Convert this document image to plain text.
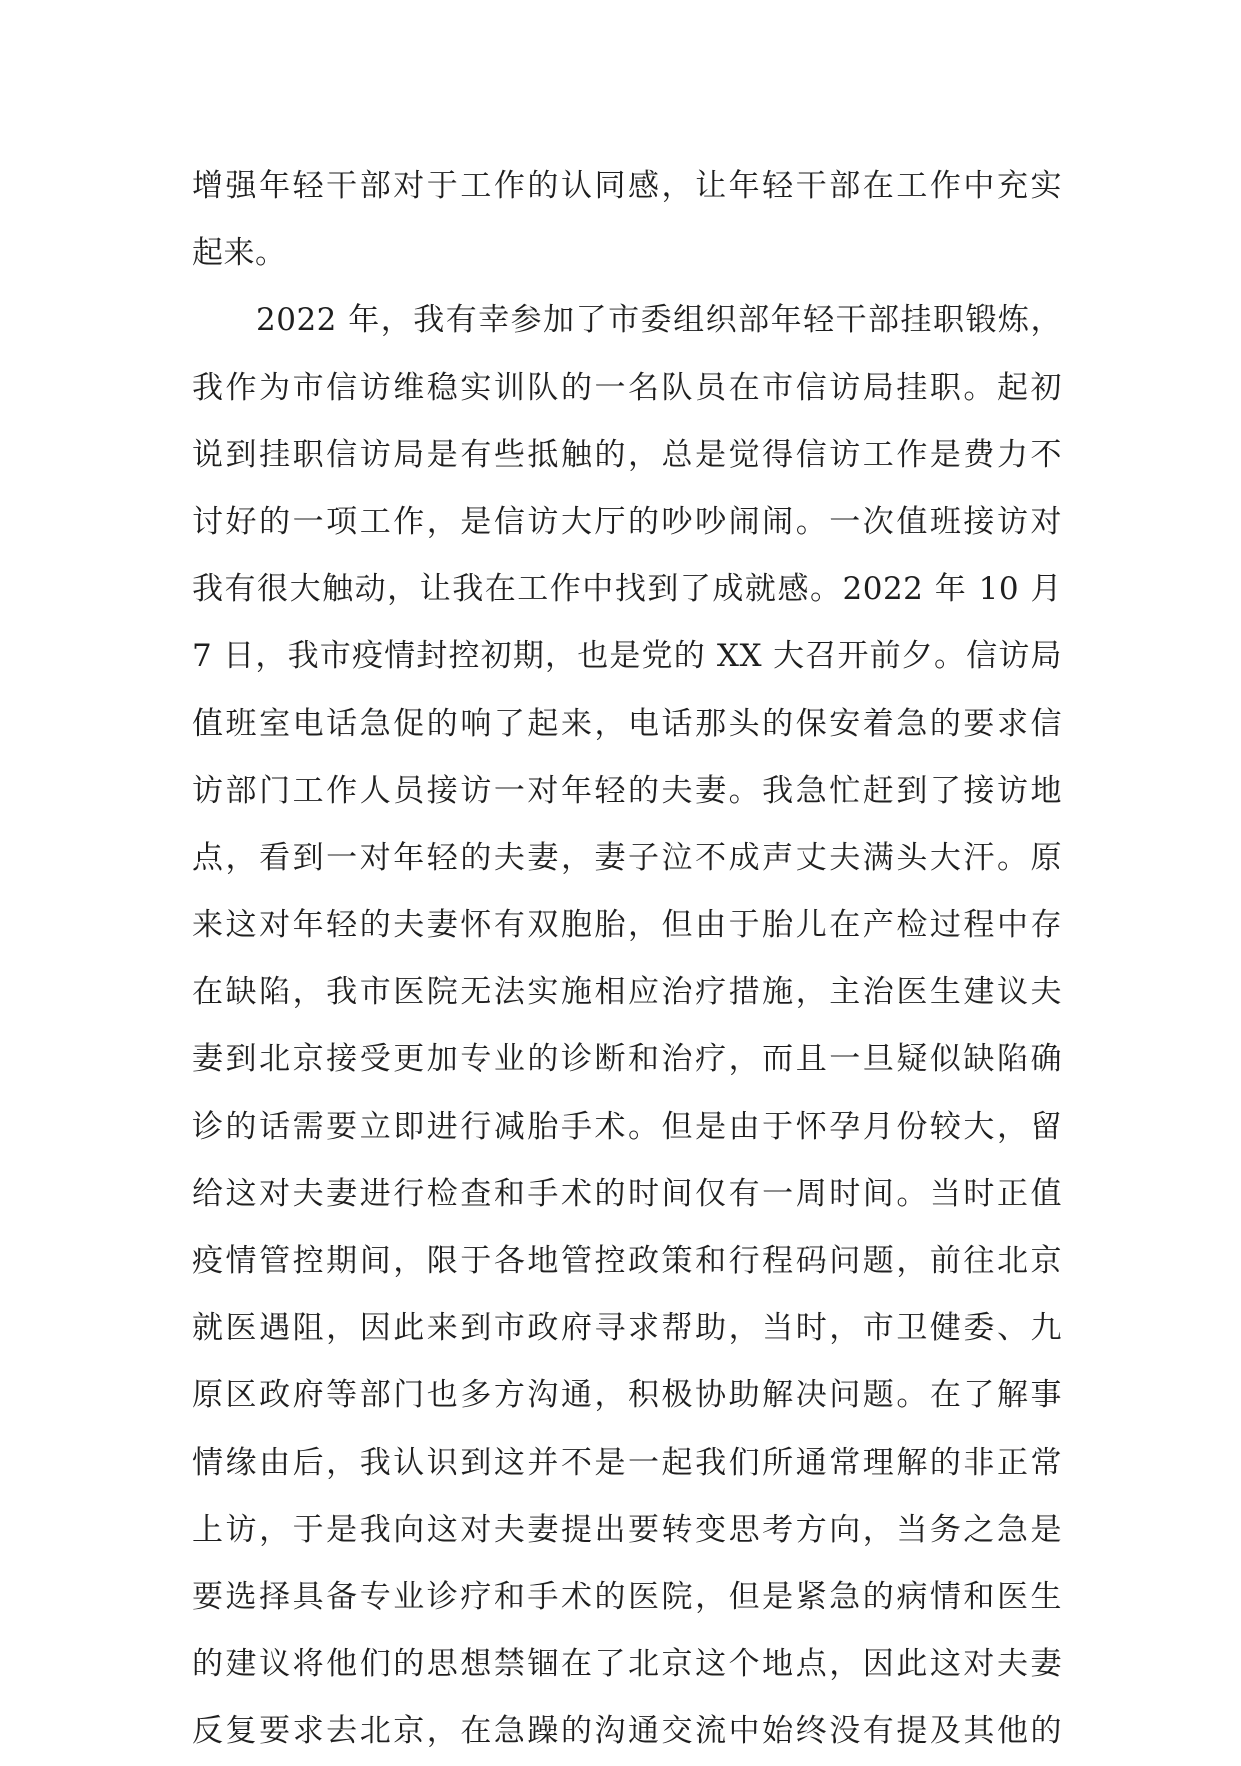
增强年轻干部对于工作的认同感，让年轻干部在工作中充实
起来。
2022 年，我有幸参加了市委组织部年轻干部挂职锻炼，
我作为市信访维稳实训队的一名队员在市信访局挂职。起初
说到挂职信访局是有些抵触的，总是觉得信访工作是费力不
讨好的一项工作，是信访大厅的吵吵闹闹。一次值班接访对
我有很大触动，让我在工作中找到了成就感。2022 年 10 月
7 日，我市疫情封控初期，也是党的 XX 大召开前夕。信访局
值班室电话急促的响了起来，电话那头的保安着急的要求信
访部门工作人员接访一对年轻的夫妻。我急忙赶到了接访地
点，看到一对年轻的夫妻，妻子泣不成声丈夫满头大汗。原
来这对年轻的夫妻怀有双胞胎，但由于胎儿在产检过程中存
在缺陷，我市医院无法实施相应治疗措施，主治医生建议夫
妻到北京接受更加专业的诊断和治疗，而且一旦疑似缺陷确
诊的话需要立即进行减胎手术。但是由于怀孕月份较大，留
给这对夫妻进行检查和手术的时间仅有一周时间。当时正值
疫情管控期间，限于各地管控政策和行程码问题，前往北京
就医遇阻，因此来到市政府寻求帮助，当时，市卫健委、九
原区政府等部门也多方沟通，积极协助解决问题。在了解事
情缘由后，我认识到这并不是一起我们所通常理解的非正常
上访，于是我向这对夫妻提出要转变思考方向，当务之急是
要选择具备专业诊疗和手术的医院，但是紧急的病情和医生
的建议将他们的思想禁锢在了北京这个地点，因此这对夫妻
反复要求去北京，在急躁的沟通交流中始终没有提及其他的
